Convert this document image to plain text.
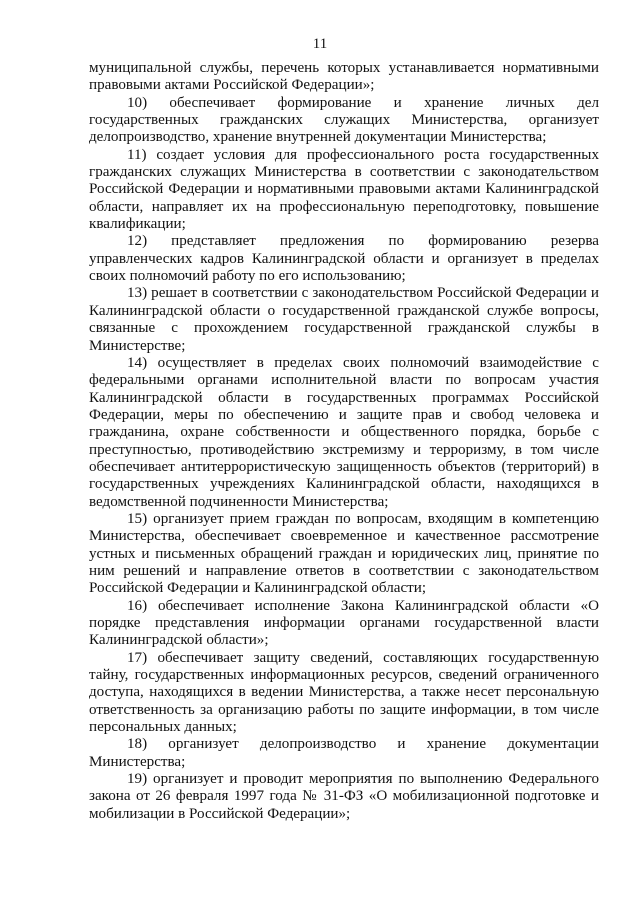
11

муниципальной службы, перечень которых устанавливается нормативными правовыми актами Российской Федерации»;

10) обеспечивает формирование и хранение личных дел государственных гражданских служащих Министерства, организует делопроизводство, хранение внутренней документации Министерства;

11) создает условия для профессионального роста государственных гражданских служащих Министерства в соответствии с законодательством Российской Федерации и нормативными правовыми актами Калининградской области, направляет их на профессиональную переподготовку, повышение квалификации;

12) представляет предложения по формированию резерва управленческих кадров Калининградской области и организует в пределах своих полномочий работу по его использованию;

13) решает в соответствии с законодательством Российской Федерации и Калининградской области о государственной гражданской службе вопросы, связанные с прохождением государственной гражданской службы в Министерстве;

14) осуществляет в пределах своих полномочий взаимодействие с федеральными органами исполнительной власти по вопросам участия Калининградской области в государственных программах Российской Федерации, меры по обеспечению и защите прав и свобод человека и гражданина, охране собственности и общественного порядка, борьбе с преступностью, противодействию экстремизму и терроризму, в том числе обеспечивает антитеррористическую защищенность объектов (территорий) в государственных учреждениях Калининградской области, находящихся в ведомственной подчиненности Министерства;

15) организует прием граждан по вопросам, входящим в компетенцию Министерства, обеспечивает своевременное и качественное рассмотрение устных и письменных обращений граждан и юридических лиц, принятие по ним решений и направление ответов в соответствии с законодательством Российской Федерации и Калининградской области;

16) обеспечивает исполнение Закона Калининградской области «О порядке представления информации органами государственной власти Калининградской области»;

17) обеспечивает защиту сведений, составляющих государственную тайну, государственных информационных ресурсов, сведений ограниченного доступа, находящихся в ведении Министерства, а также несет персональную ответственность за организацию работы по защите информации, в том числе персональных данных;

18) организует делопроизводство и хранение документации Министерства;

19) организует и проводит мероприятия по выполнению Федерального закона от 26 февраля 1997 года № 31-ФЗ «О мобилизационной подготовке и мобилизации в Российской Федерации»;
